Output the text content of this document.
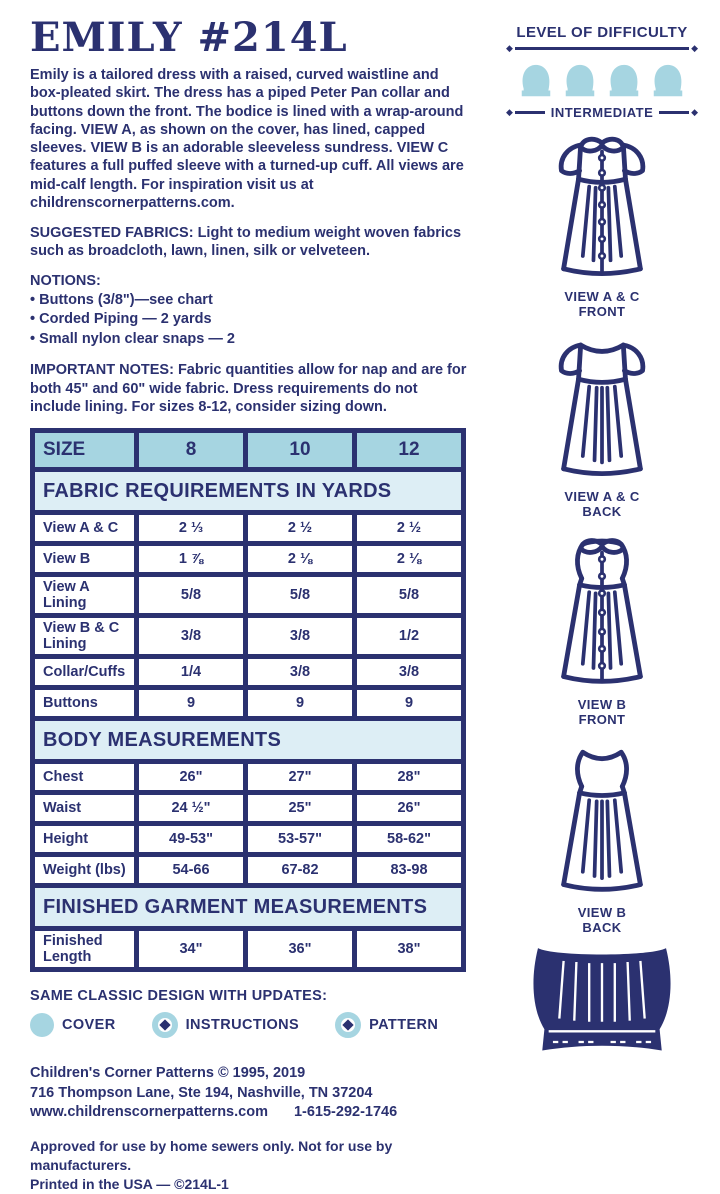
EMILY #214L

Emily is a tailored dress with a raised, curved waistline and box-pleated skirt. The dress has a piped Peter Pan collar and buttons down the front. The bodice is lined with a wrap-around facing. VIEW A, as shown on the cover, has lined, capped sleeves. VIEW B is an adorable sleeveless sundress. VIEW C features a full puffed sleeve with a turned-up cuff. All views are mid-calf length. For inspiration visit us at childrenscornerpatterns.com.

SUGGESTED FABRICS: Light to medium weight woven fabrics such as broadcloth, lawn, linen, silk or velveteen.

NOTIONS:

• Buttons (3/8")—see chart
• Corded Piping — 2 yards
• Small nylon clear snaps — 2

IMPORTANT NOTES: Fabric quantities allow for nap and are for both 45" and 60" wide fabric. Dress requirements do not include lining. For sizes 8-12, consider sizing down.

SIZE	8	10	12
FABRIC REQUIREMENTS IN YARDS			
View A & C	2 ⅓	2 ½	2 ½
View B	1 ⅞	2 ⅛	2 ⅛
View A Lining	5/8	5/8	5/8
View B & C Lining	3/8	3/8	1/2
Collar/Cuffs	1/4	3/8	3/8
Buttons	9	9	9
BODY MEASUREMENTS			
Chest	26"	27"	28"
Waist	24 ½"	25"	26"
Height	49-53"	53-57"	58-62"
Weight (lbs)	54-66	67-82	83-98
FINISHED GARMENT MEASUREMENTS			
Finished Length	34"	36"	38"
SAME CLASSIC DESIGN WITH UPDATES:
COVER	INSTRUCTIONS	PATTERN
Children's Corner Patterns © 1995, 2019
716 Thompson Lane, Ste 194, Nashville, TN 37204
www.childrenscornerpatterns.com 1-615-292-1746
Approved for use by home sewers only. Not for use by manufacturers.
Printed in the USA — ©214L-1
LEVEL OF DIFFICULTY
◆	◆
◆	INTERMEDIATE	◆
VIEW A & C
FRONT
VIEW A & C
BACK
VIEW B
FRONT
VIEW B
BACK
